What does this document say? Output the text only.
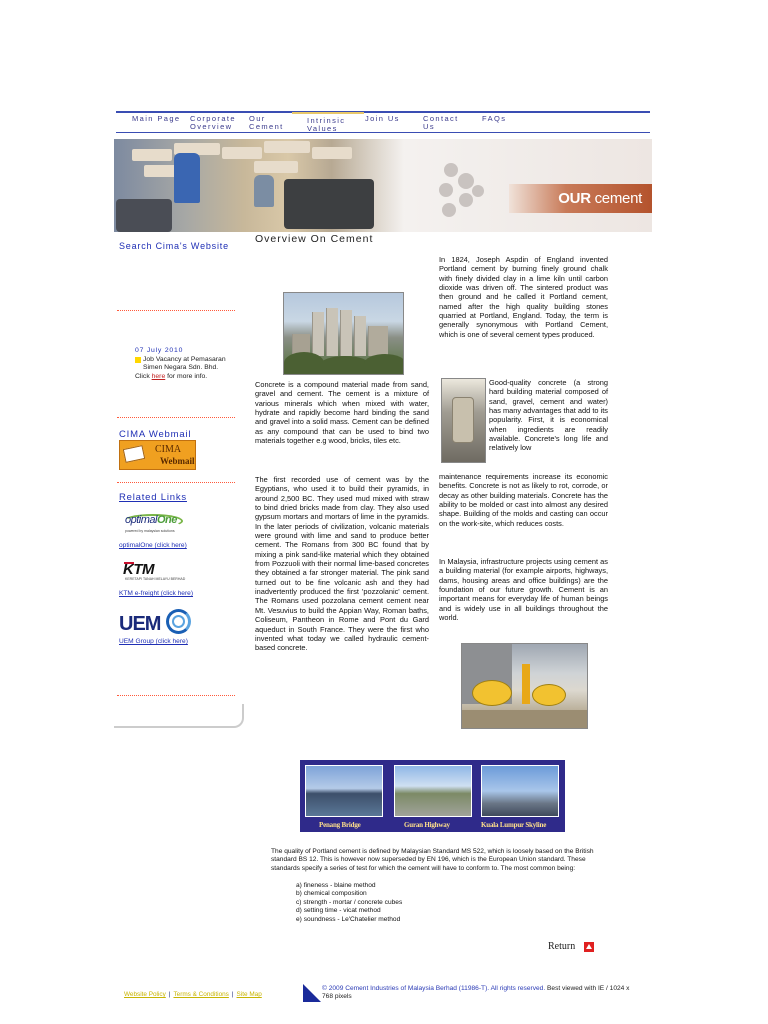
Main Page Corporate
Overview
Our
Cement
Intrinsic
Values
Join Us	Contact
Us
FAQs
OUR cement
Search Cima's Website
07 July 2010
Job Vacancy at Pemasaran Simen Negara Sdn. Bhd.
Click here for more info.
CIMA Webmail
CIMA
Webmail
Related Links
optimalOne
powered by malaysian solutions
optimalOne (click here)
KTM
KERETAPI TANAH MELAYU BERHAD
KTM e-freight (click here)
UEM
UEM Group (click here)
Overview On Cement
Concrete is a compound material made from sand, gravel and cement. The cement is a mixture of various minerals which when mixed with water, hydrate and rapidly become hard binding the sand and gravel into a solid mass. Cement can be defined as any compound that can be used to bind two materials together e.g wood, bricks, tiles etc.
The first recorded use of cement was by the Egyptians, who used it to build their pyramids, in around 2,500 BC. They used mud mixed with straw to bind dried bricks made from clay. They also used gypsum mortars and mortars of lime in the pyramids. In the later periods of civilization, volcanic materials were ground with lime and sand to produce better cement. The Romans from 300 BC found that by mixing a pink sand-like material which they obtained from Pozzuoli with their normal lime-based concretes they obtained a far stronger material. The pink sand turned out to be fine volcanic ash and they had inadvertently produced the first 'pozzolanic' cement. The Romans used pozzolana cement cement near Mt. Vesuvius to build the Appian Way, Roman baths, Coliseum, Pantheon in Rome and Pont du Gard aqueduct in South France. They were the first who invented what today we called hydraulic cement-based concrete.
In 1824, Joseph Aspdin of England invented Portland cement by burning finely ground chalk with finely divided clay in a lime kiln until carbon dioxide was driven off. The sintered product was then ground and he called it Portland cement, named after the high quality building stones quarried at Portland, England. Today, the term is generally synonymous with Portland Cement, which is one of several cement types produced.
Good-quality concrete (a strong hard building material composed of sand, gravel, cement and water) has many advantages that add to its popularity. First, it is economical when ingredients are readily available. Concrete's long life and relatively low
maintenance requirements increase its economic benefits. Concrete is not as likely to rot, corrode, or decay as other building materials. Concrete has the ability to be molded or cast into almost any desired shape. Building of the molds and casting can occur on the work-site, which reduces costs.
In Malaysia, infrastructure projects using cement as a building material (for example airports, highways, dams, housing areas and office buildings) are the foundation of our future growth. Cement is an important means for everyday life of human beings and is widely use in all buildings throughout the world.
Penang Bridge	Guran Highway	Kuala Lumpur Skyline
The quality of Portland cement is defined by Malaysian Standard MS 522, which is loosely based on the British standard BS 12. This is however now superseded by EN 196, which is the European Union standard. These standards specify a series of test for which the cement will have to conform to. The most common being:
a) fineness - blaine method
b) chemical composition
c) strength - mortar / concrete cubes
d) setting time - vicat method
e) soundness - Le'Chatelier method
Return
Website Policy | Terms & Conditions | Site Map
© 2009 Cement Industries of Malaysia Berhad (11986-T). All rights reserved. Best viewed with IE / 1024 x 768 pixels
